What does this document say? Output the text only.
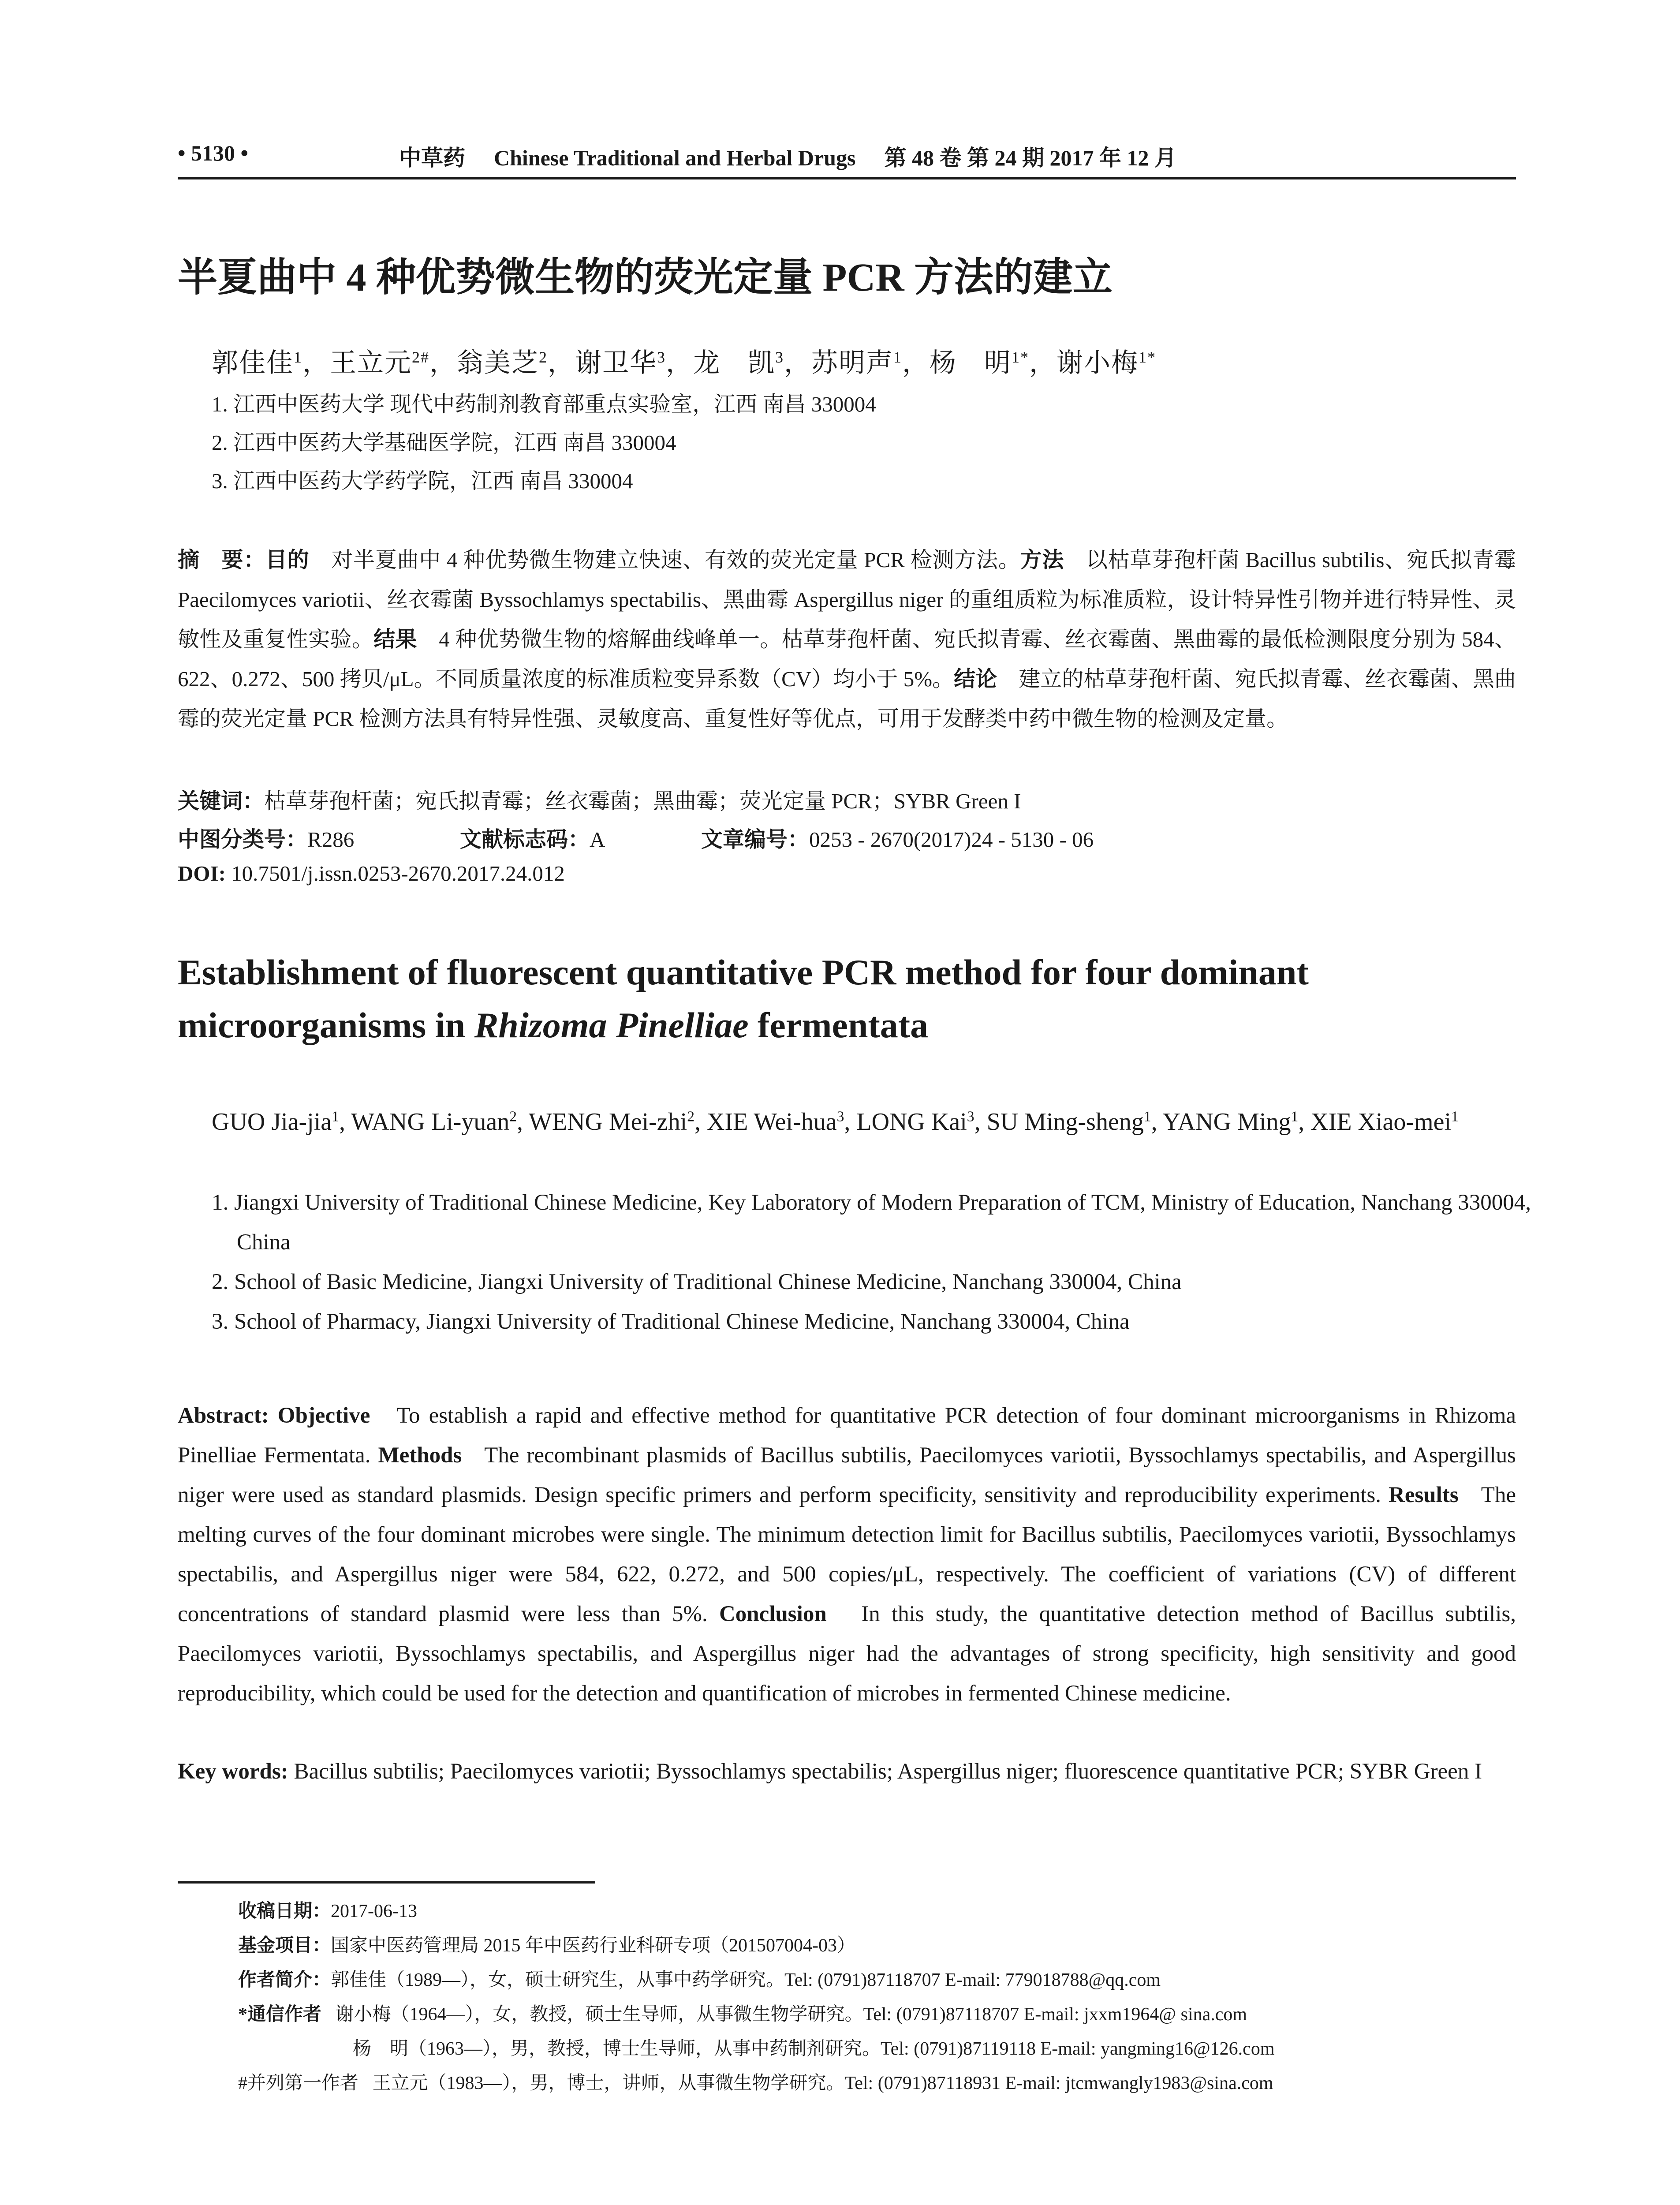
• 5130 •	中草药 Chinese Traditional and Herbal Drugs 第 48 卷 第 24 期 2017 年 12 月
半夏曲中 4 种优势微生物的荧光定量 PCR 方法的建立
郭佳佳$^1$，王立元$^{2\#}$，翁美芝$^2$，谢卫华$^3$，龙　凯$^3$，苏明声$^1$，杨　明$^{1*}$，谢小梅$^{1*}$
1. 江西中医药大学 现代中药制剂教育部重点实验室，江西 南昌 330004
2. 江西中医药大学基础医学院，江西 南昌 330004
3. 江西中医药大学药学院，江西 南昌 330004
摘　要：目的　对半夏曲中 4 种优势微生物建立快速、有效的荧光定量 PCR 检测方法。方法　以枯草芽孢杆菌 Bacillus subtilis、宛氏拟青霉 Paecilomyces variotii、丝衣霉菌 Byssochlamys spectabilis、黑曲霉 Aspergillus niger 的重组质粒为标准质粒，设计特异性引物并进行特异性、灵敏性及重复性实验。结果　4 种优势微生物的熔解曲线峰单一。枯草芽孢杆菌、宛氏拟青霉、丝衣霉菌、黑曲霉的最低检测限度分别为 584、622、0.272、500 拷贝/μL。不同质量浓度的标准质粒变异系数（CV）均小于 5%。结论　建立的枯草芽孢杆菌、宛氏拟青霉、丝衣霉菌、黑曲霉的荧光定量 PCR 检测方法具有特异性强、灵敏度高、重复性好等优点，可用于发酵类中药中微生物的检测及定量。
关键词：枯草芽孢杆菌；宛氏拟青霉；丝衣霉菌；黑曲霉；荧光定量 PCR；SYBR Green I
中图分类号：R286	文献标志码：A	文章编号：0253 - 2670(2017)24 - 5130 - 06
DOI: 10.7501/j.issn.0253-2670.2017.24.012
Establishment of fluorescent quantitative PCR method for four dominant microorganisms in Rhizoma Pinelliae fermentata
GUO Jia-jia$^1$, WANG Li-yuan$^2$, WENG Mei-zhi$^2$, XIE Wei-hua$^3$, LONG Kai$^3$, SU Ming-sheng$^1$, YANG Ming$^1$, XIE Xiao-mei$^1$
1. Jiangxi University of Traditional Chinese Medicine, Key Laboratory of Modern Preparation of TCM, Ministry of Education, Nanchang 330004, China
2. School of Basic Medicine, Jiangxi University of Traditional Chinese Medicine, Nanchang 330004, China
3. School of Pharmacy, Jiangxi University of Traditional Chinese Medicine, Nanchang 330004, China
Abstract: Objective To establish a rapid and effective method for quantitative PCR detection of four dominant microorganisms in Rhizoma Pinelliae Fermentata. Methods The recombinant plasmids of Bacillus subtilis, Paecilomyces variotii, Byssochlamys spectabilis, and Aspergillus niger were used as standard plasmids. Design specific primers and perform specificity, sensitivity and reproducibility experiments. Results The melting curves of the four dominant microbes were single. The minimum detection limit for Bacillus subtilis, Paecilomyces variotii, Byssochlamys spectabilis, and Aspergillus niger were 584, 622, 0.272, and 500 copies/μL, respectively. The coefficient of variations (CV) of different concentrations of standard plasmid were less than 5%. Conclusion In this study, the quantitative detection method of Bacillus subtilis, Paecilomyces variotii, Byssochlamys spectabilis, and Aspergillus niger had the advantages of strong specificity, high sensitivity and good reproducibility, which could be used for the detection and quantification of microbes in fermented Chinese medicine.
Key words: Bacillus subtilis; Paecilomyces variotii; Byssochlamys spectabilis; Aspergillus niger; fluorescence quantitative PCR; SYBR Green I
收稿日期：2017-06-13
基金项目：国家中医药管理局 2015 年中医药行业科研专项（201507004-03）
作者简介：郭佳佳（1989—），女，硕士研究生，从事中药学研究。Tel: (0791)87118707 E-mail: 779018788@qq.com
*通信作者 谢小梅（1964—），女，教授，硕士生导师，从事微生物学研究。Tel: (0791)87118707 E-mail: jxxm1964@ sina.com
杨　明（1963—），男，教授，博士生导师，从事中药制剂研究。Tel: (0791)87119118 E-mail: yangming16@126.com
#并列第一作者 王立元（1983—），男，博士，讲师，从事微生物学研究。Tel: (0791)87118931 E-mail: jtcmwangly1983@sina.com
